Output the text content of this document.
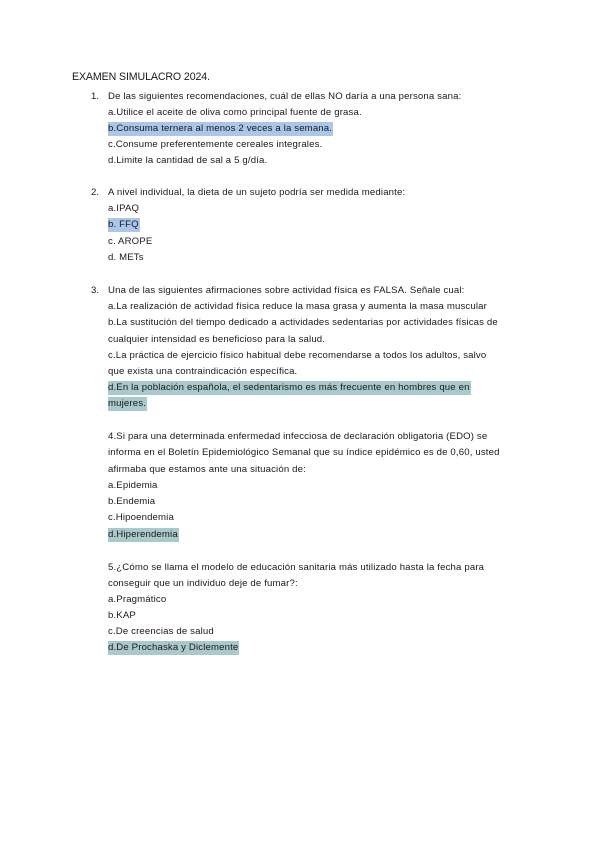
EXAMEN SIMULACRO 2024.
1. De las siguientes recomendaciones, cuál de ellas NO daría a una persona sana:
a.Utilice el aceite de oliva como principal fuente de grasa.
b.Consuma ternera al menos 2 veces a la semana.
c.Consume preferentemente cereales integrales.
d.Limite la cantidad de sal a 5 g/día.
2. A nivel individual, la dieta de un sujeto podría ser medida mediante:
a.IPAQ
b. FFQ
c. AROPE
d. METs
3. Una de las siguientes afirmaciones sobre actividad física es FALSA. Señale cual:
a.La realización de actividad física reduce la masa grasa y aumenta la masa muscular
b.La sustitución del tiempo dedicado a actividades sedentarias por actividades físicas de
cualquier intensidad es beneficioso para la salud.
c.La práctica de ejercicio físico habitual debe recomendarse a todos los adultos, salvo
que exista una contraindicación específica.
d.En la población española, el sedentarismo es más frecuente en hombres que en
mujeres.
4.Si para una determinada enfermedad infecciosa de declaración obligatoria (EDO) se
informa en el Boletín Epidemiológico Semanal que su índice epidémico es de 0,60, usted
afirmaba que estamos ante una situación de:
a.Epidemia
b.Endemia
c.Hipoendemia
d.Hiperendemia
5.¿Cómo se llama el modelo de educación sanitaria más utilizado hasta la fecha para
conseguir que un individuo deje de fumar?:
a.Pragmático
b.KAP
c.De creencias de salud
d.De Prochaska y Diclemente
